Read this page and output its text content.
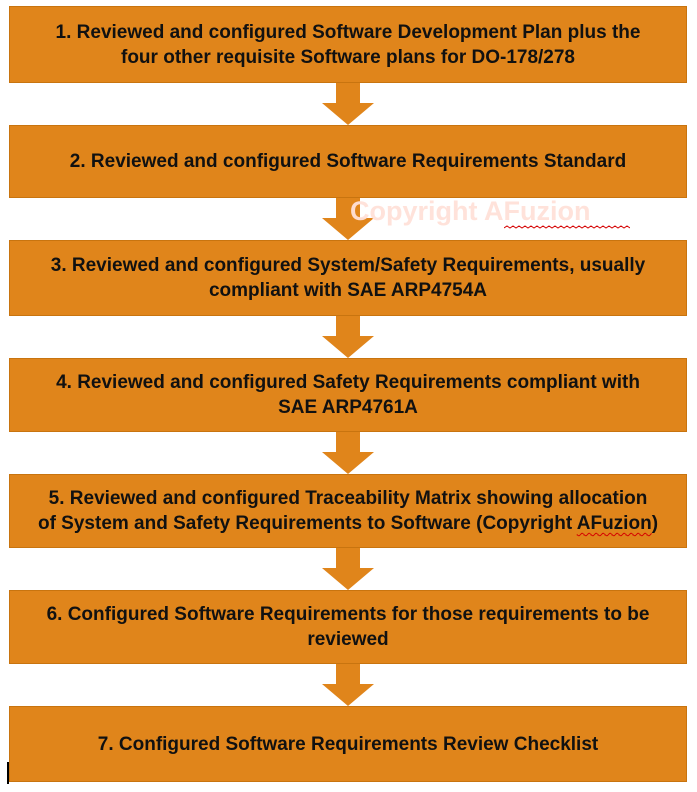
1. Reviewed and configured Software Development Plan plus the
four other requisite Software plans for DO-178/278
2. Reviewed and configured Software Requirements Standard
3. Reviewed and configured System/Safety Requirements, usually
compliant with SAE ARP4754A
4. Reviewed and configured Safety Requirements compliant with
SAE ARP4761A
5. Reviewed and configured Traceability Matrix showing allocation
of System and Safety Requirements to Software (Copyright AFuzion)
6. Configured Software Requirements for those requirements to be
reviewed
7. Configured Software Requirements Review Checklist
Copyright AFuzion
